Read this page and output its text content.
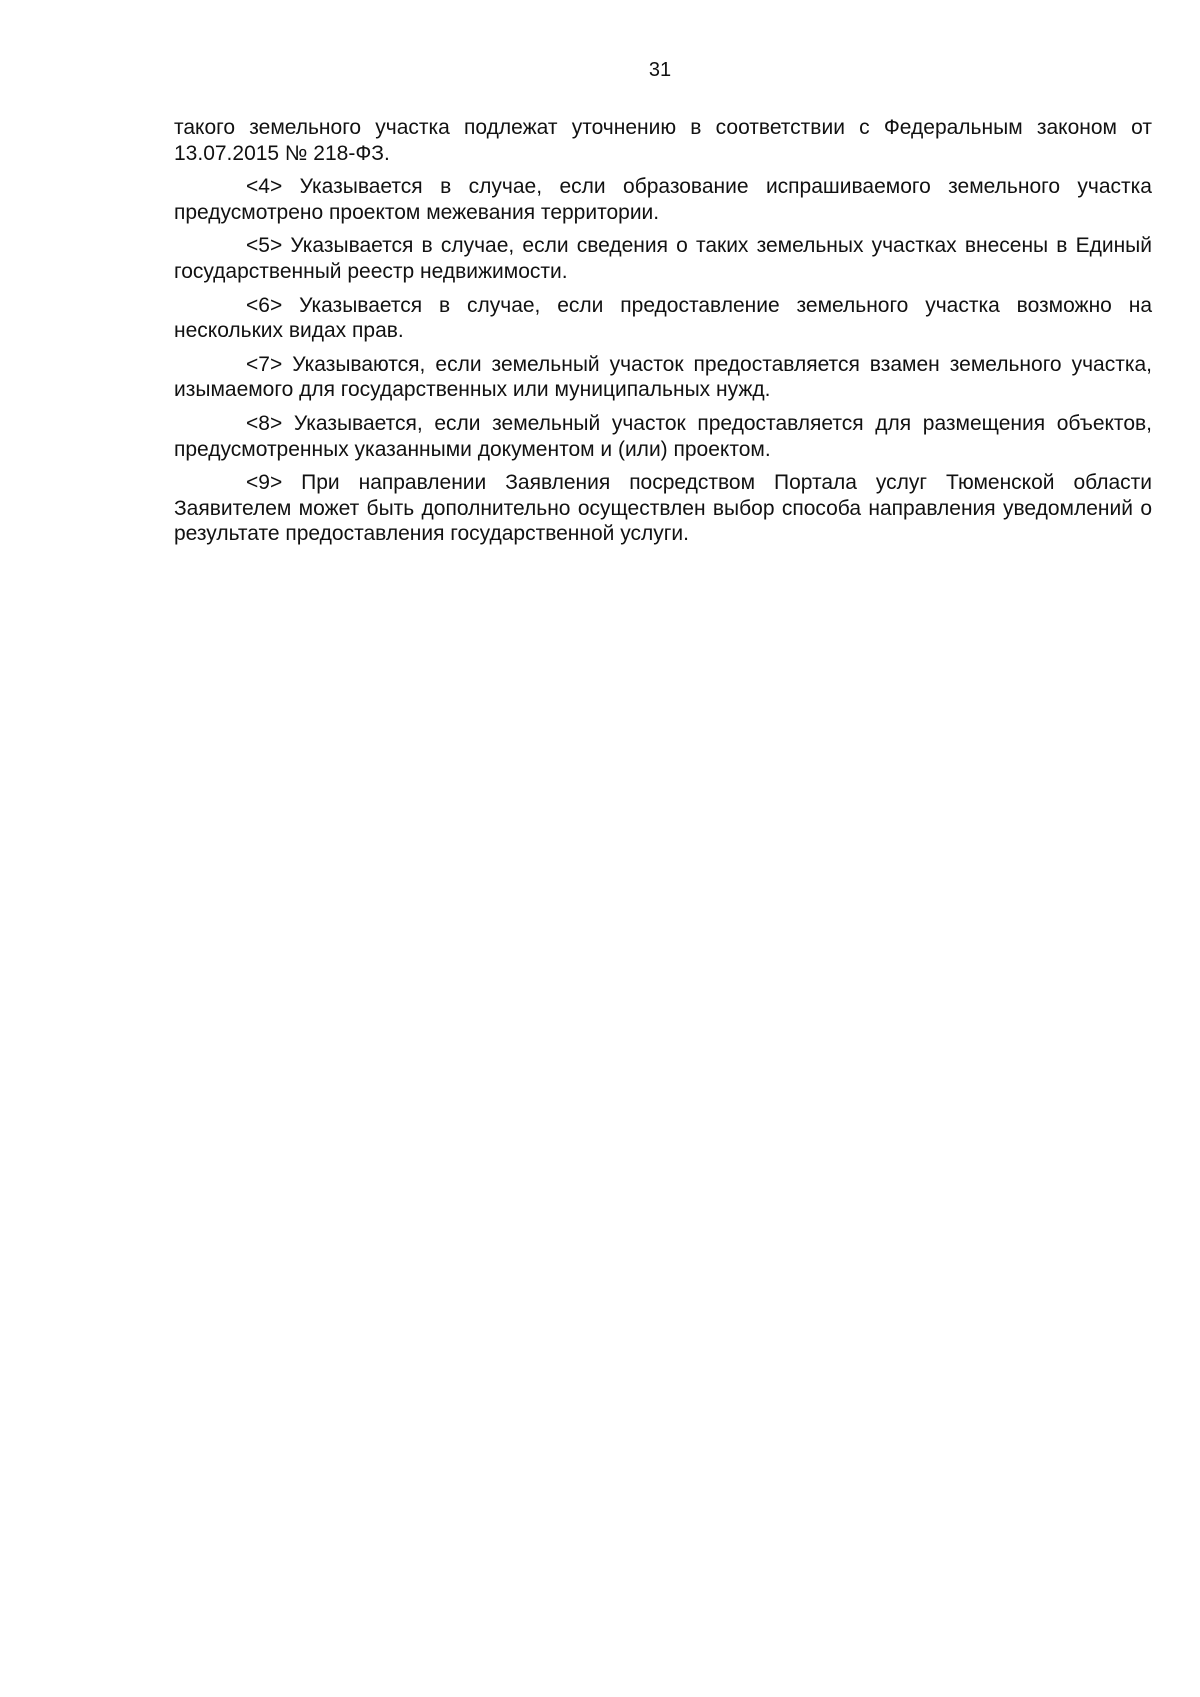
31

такого земельного участка подлежат уточнению в соответствии с Федеральным законом от 13.07.2015 № 218-ФЗ.

<4> Указывается в случае, если образование испрашиваемого земельного участка предусмотрено проектом межевания территории.

<5> Указывается в случае, если сведения о таких земельных участках внесены в Единый государственный реестр недвижимости.

<6> Указывается в случае, если предоставление земельного участка возможно на нескольких видах прав.

<7> Указываются, если земельный участок предоставляется взамен земельного участка, изымаемого для государственных или муниципальных нужд.

<8> Указывается, если земельный участок предоставляется для размещения объектов, предусмотренных указанными документом и (или) проектом.

<9> При направлении Заявления посредством Портала услуг Тюменской области Заявителем может быть дополнительно осуществлен выбор способа направления уведомлений о результате предоставления государственной услуги.
